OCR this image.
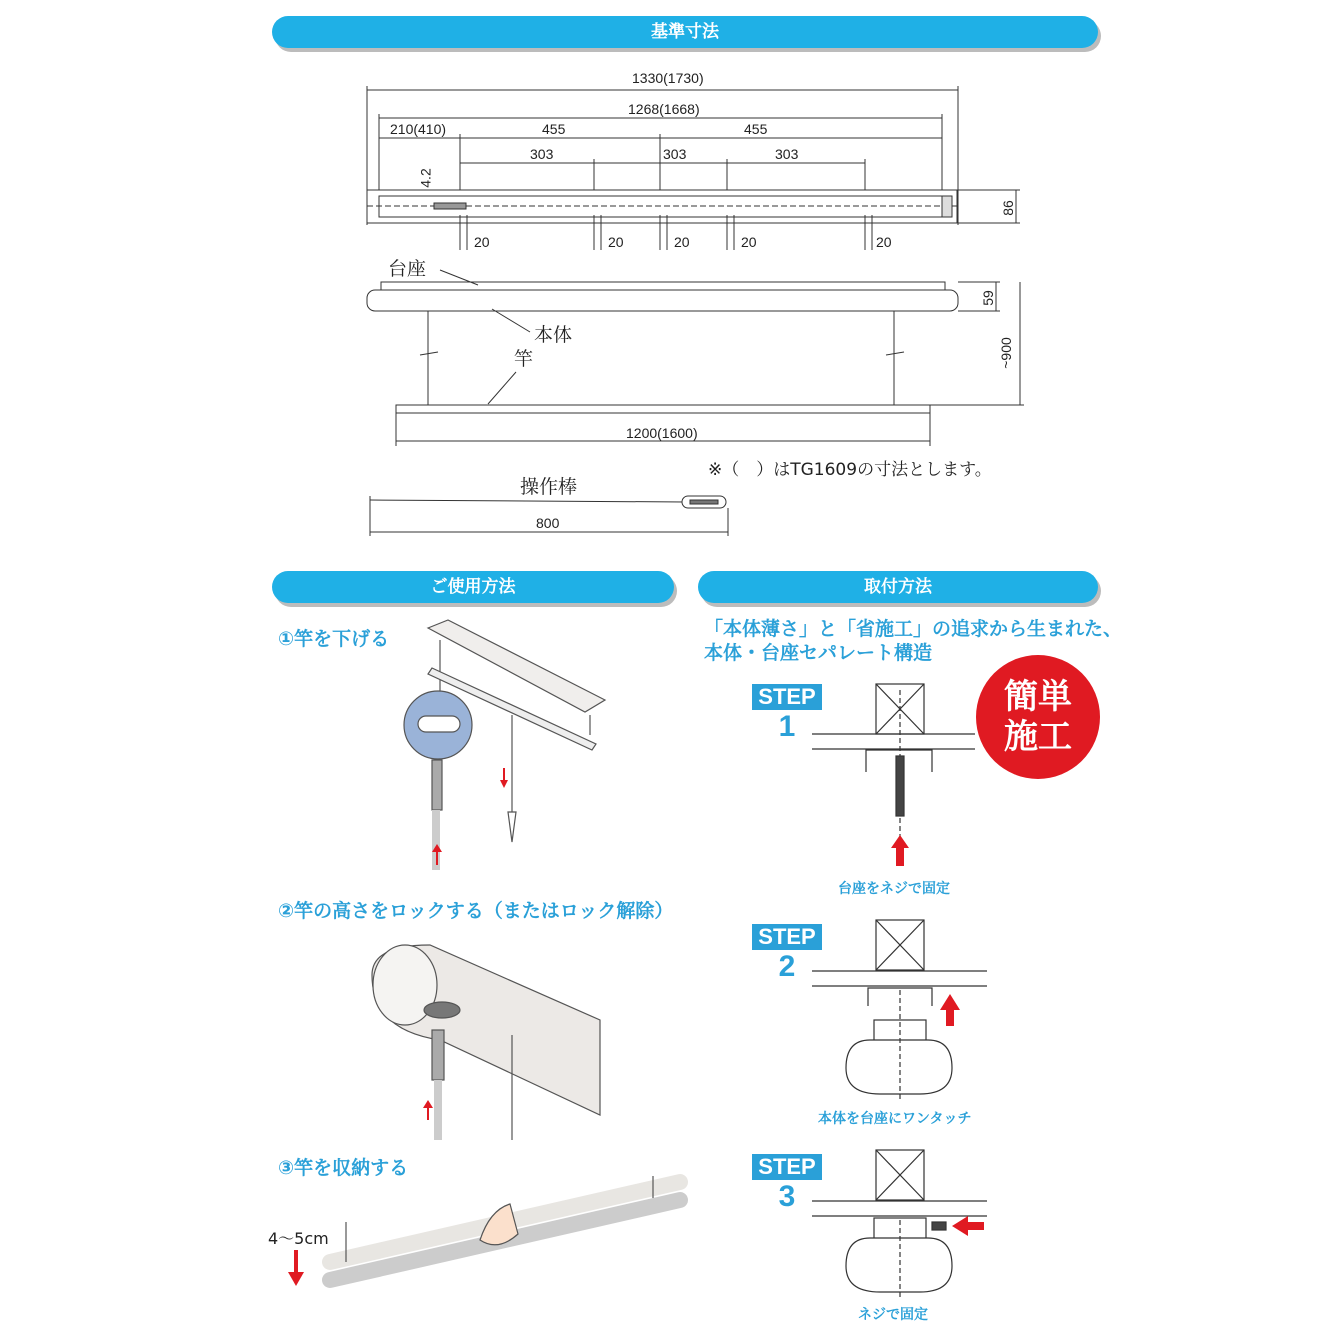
基準寸法
ご使用方法	取付方法
1330(1730)
1268(1668)
210(410)	455	455
303	303	303
4.2
20	20	20	20	20
86
59
~900
1200(1600)
台座
本体
竿
※（　）はTG1609の寸法とします。
操作棒
800
①竿を下げる
②竿の高さをロックする（またはロック解除）
③竿を収納する
4〜5cm
「本体薄さ」と「省施工」の追求から生まれた、
本体・台座セパレート構造
簡単
施工
STEP
1
STEP
2
STEP
3
台座をネジで固定
本体を台座にワンタッチ
ネジで固定
